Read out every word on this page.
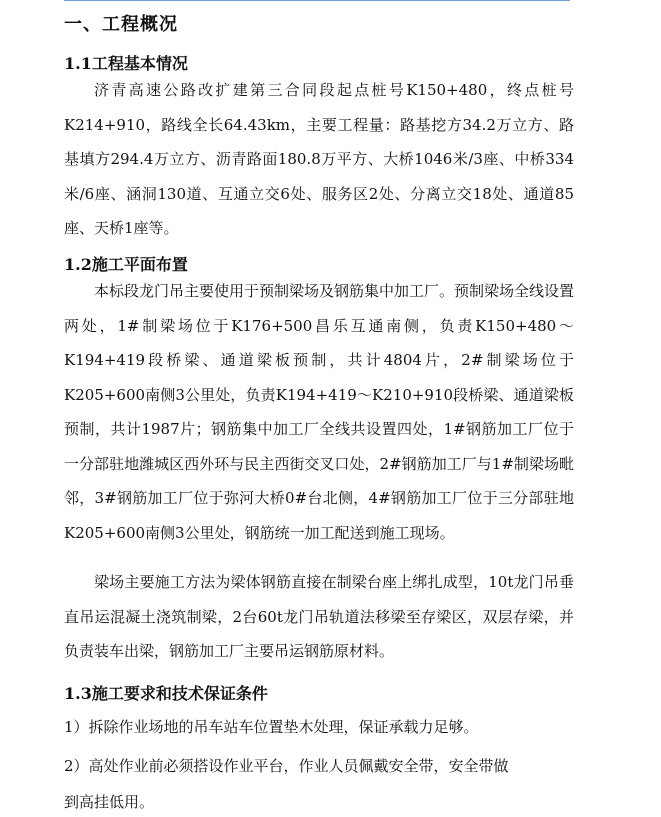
一、工程概况
1.1工程基本情况

济青高速公路改扩建第三合同段起点桩号K150+480，终点桩号K214+910，路线全长64.43km，主要工程量：路基挖方34.2万立方、路基填方294.4万立方、沥青路面180.8万平方、大桥1046米/3座、中桥334米/6座、涵洞130道、互通立交6处、服务区2处、分离立交18处、通道85座、天桥1座等。

1.2施工平面布置

本标段龙门吊主要使用于预制梁场及钢筋集中加工厂。预制梁场全线设置两处，1#制梁场位于K176+500昌乐互通南侧，负责K150+480～K194+419段桥梁、通道梁板预制，共计4804片，2#制梁场位于K205+600南侧3公里处，负责K194+419～K210+910段桥梁、通道梁板预制，共计1987片；钢筋集中加工厂全线共设置四处，1#钢筋加工厂位于一分部驻地潍城区西外环与民主西街交叉口处，2#钢筋加工厂与1#制梁场毗邻，3#钢筋加工厂位于弥河大桥0#台北侧，4#钢筋加工厂位于三分部驻地K205+600南侧3公里处，钢筋统一加工配送到施工现场。

梁场主要施工方法为梁体钢筋直接在制梁台座上绑扎成型，10t龙门吊垂直吊运混凝土浇筑制梁，2台60t龙门吊轨道法移梁至存梁区，双层存梁，并负责装车出梁，钢筋加工厂主要吊运钢筋原材料。

1.3施工要求和技术保证条件

1）拆除作业场地的吊车站车位置垫木处理，保证承载力足够。

2）高处作业前必须搭设作业平台，作业人员佩戴安全带，安全带做

到高挂低用。
